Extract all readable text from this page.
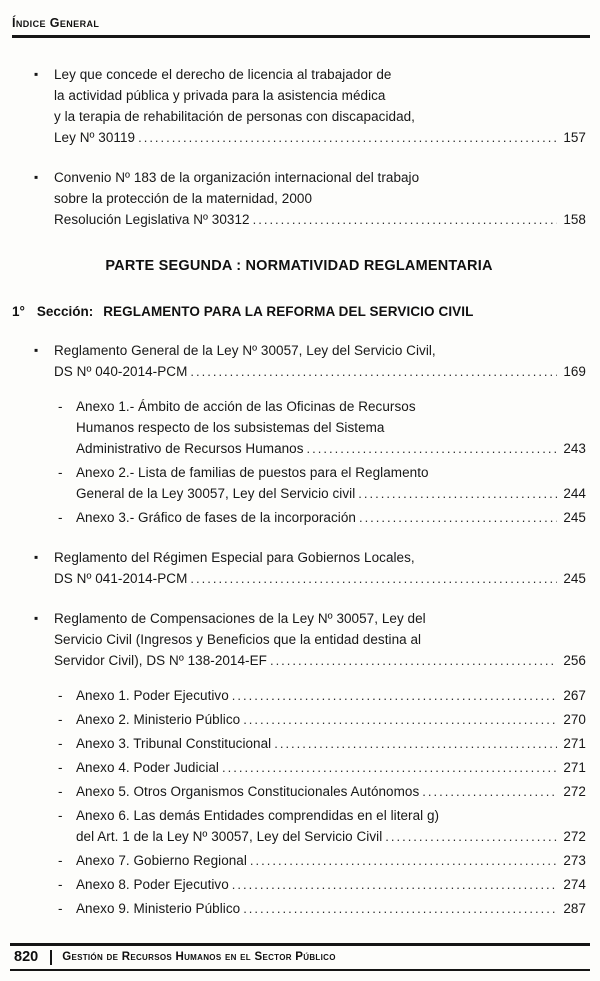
Índice General
▪	Ley que concede el derecho de licencia al trabajador de
la actividad pública y privada para la asistencia médica
y la terapia de rehabilitación de personas con discapacidad,
Ley Nº 30119 .....	157
▪	Convenio Nº 183 de la organización internacional del trabajo
sobre la protección de la maternidad, 2000
Resolución Legislativa Nº 30312 .....	158
PARTE SEGUNDA : NORMATIVIDAD REGLAMENTARIA
1° Sección: REGLAMENTO PARA LA REFORMA DEL SERVICIO CIVIL
▪	Reglamento General de la Ley Nº 30057, Ley del Servicio Civil,
DS Nº 040-2014-PCM .....	169
-	Anexo 1.- Ámbito de acción de las Oficinas de Recursos
Humanos respecto de los subsistemas del Sistema
Administrativo de Recursos Humanos .....	243
-	Anexo 2.- Lista de familias de puestos para el Reglamento
General de la Ley 30057, Ley del Servicio civil .....	244
-	Anexo 3.- Gráfico de fases de la incorporación .....	245
▪	Reglamento del Régimen Especial para Gobiernos Locales,
DS Nº 041-2014-PCM .....	245
▪	Reglamento de Compensaciones de la Ley Nº 30057, Ley del
Servicio Civil (Ingresos y Beneficios que la entidad destina al
Servidor Civil), DS Nº 138-2014-EF .....	256
-	Anexo 1. Poder Ejecutivo .....	267
-	Anexo 2. Ministerio Público .....	270
-	Anexo 3. Tribunal Constitucional .....	271
-	Anexo 4. Poder Judicial .....	271
-	Anexo 5. Otros Organismos Constitucionales Autónomos .....	272
-	Anexo 6. Las demás Entidades comprendidas en el literal g)
del Art. 1 de la Ley Nº 30057, Ley del Servicio Civil .....	272
-	Anexo 7. Gobierno Regional .....	273
-	Anexo 8. Poder Ejecutivo .....	274
-	Anexo 9. Ministerio Público .....	287
820 Gestión de Recursos Humanos en el Sector Público
